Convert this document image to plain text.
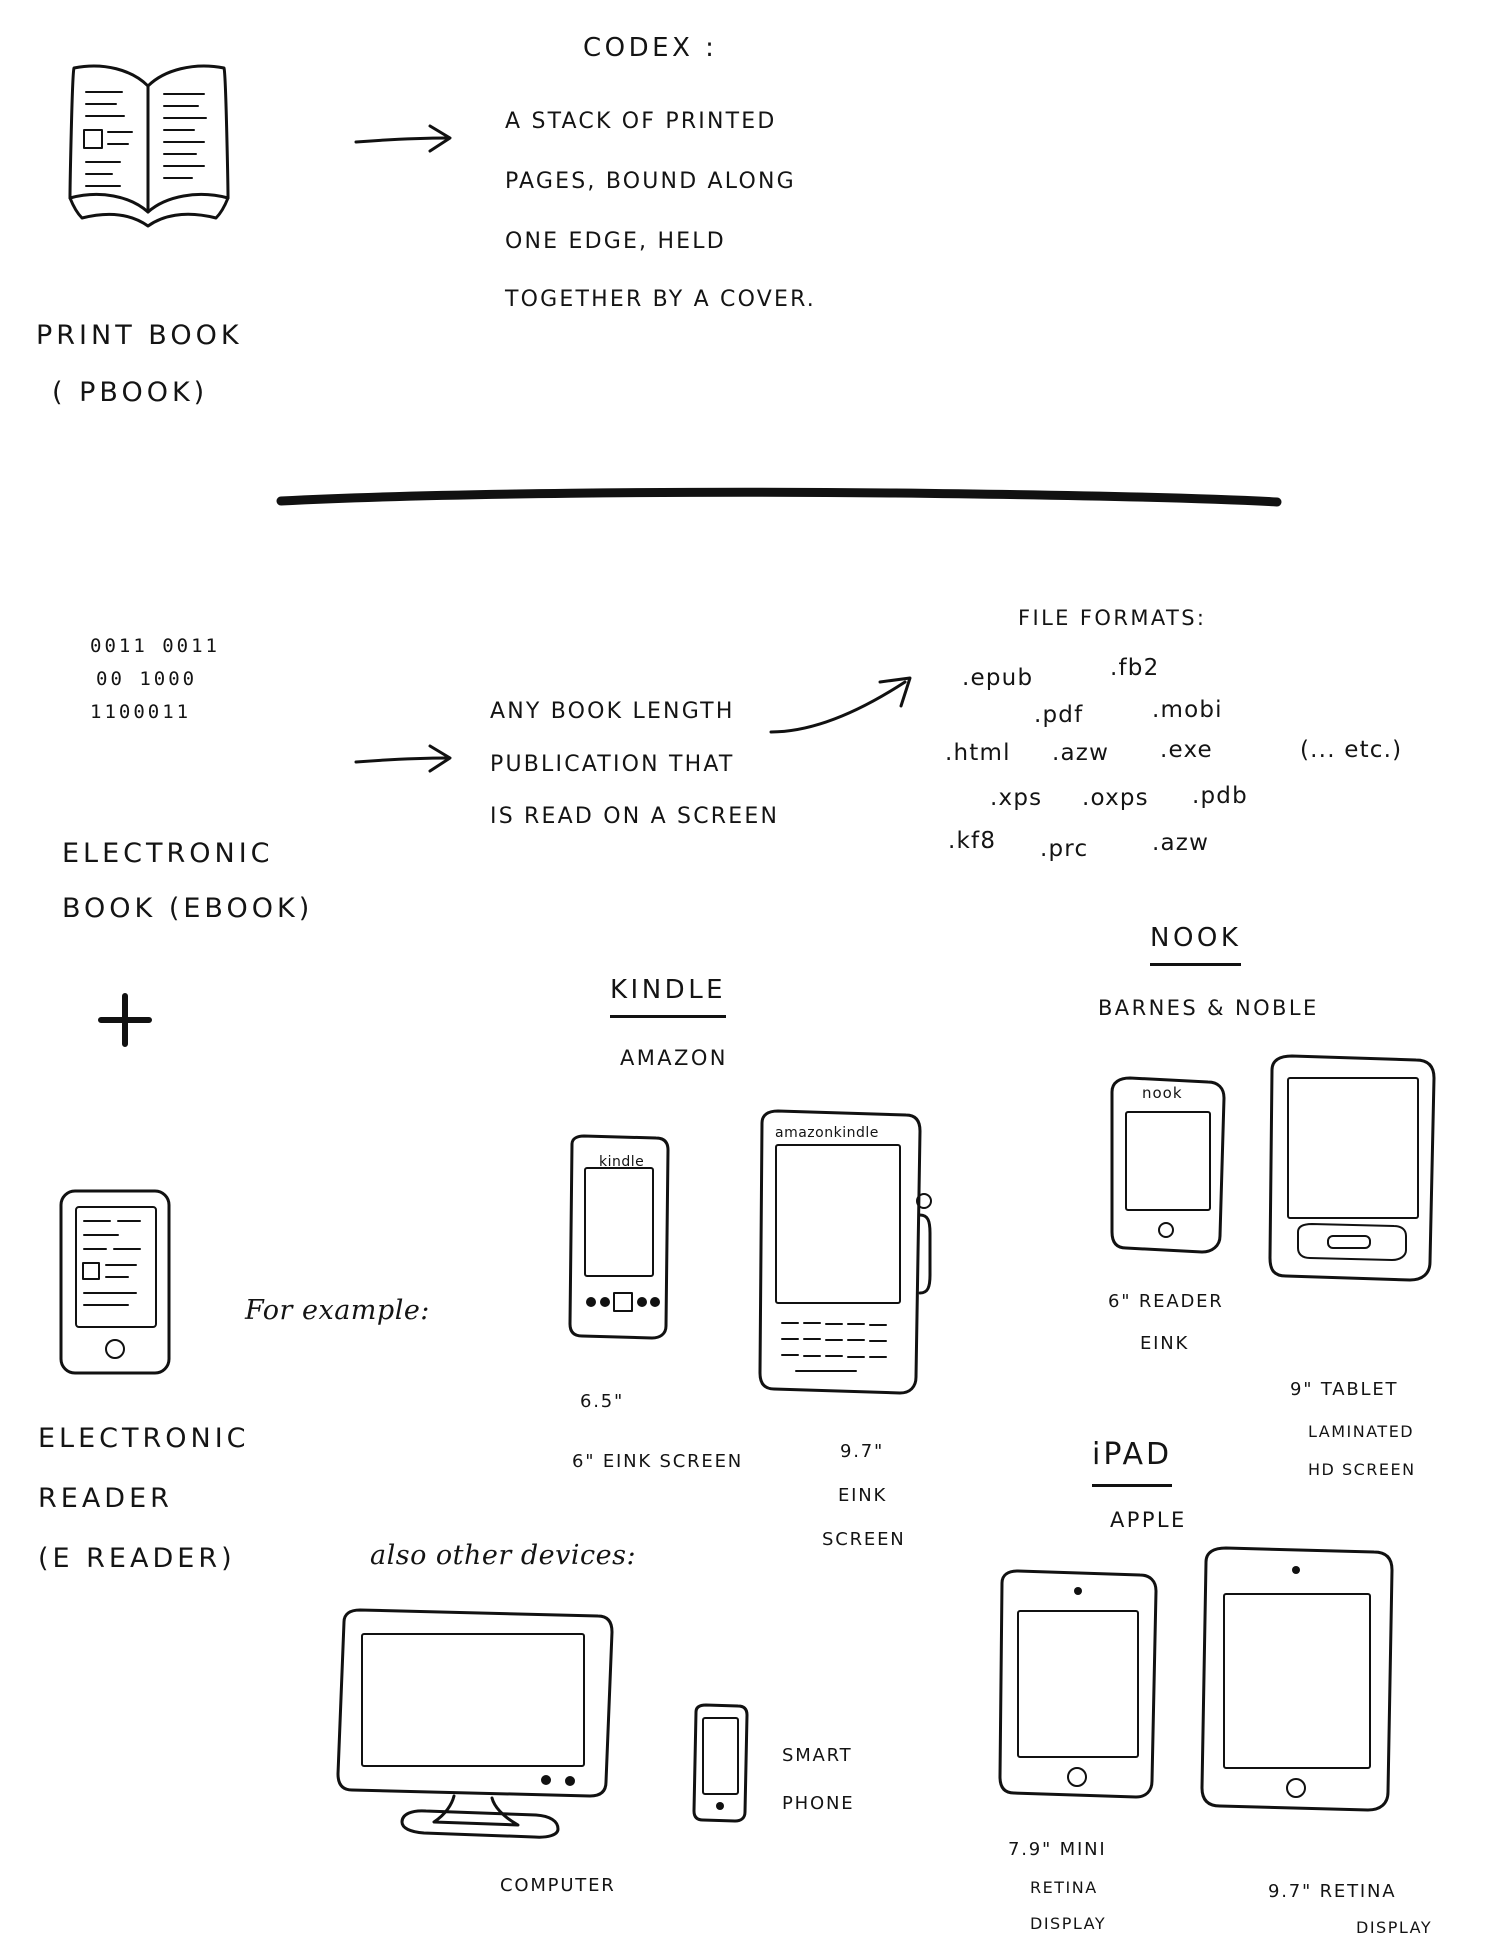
PRINT BOOK
( PBOOK)
CODEX :
A STACK OF PRINTED
PAGES, BOUND ALONG
ONE EDGE, HELD
TOGETHER BY A COVER.
0011 0011
00 1000
1100011
ELECTRONIC
BOOK (EBOOK)
ANY BOOK LENGTH
PUBLICATION THAT
IS READ ON A SCREEN
FILE FORMATS:
.epub	.fb2
.pdf	.mobi
.html .azw .exe	(... etc.)
.xps .oxps .pdb
.kf8 .prc	.azw
ELECTRONIC
READER
(E READER)
For example:
also other devices:
KINDLE
AMAZON
kindle
6.5"
6" EINK SCREEN
amazonkindle
9.7"
EINK
SCREEN
NOOK
BARNES & NOBLE
nook
6" READER
EINK
9" TABLET
LAMINATED
HD SCREEN
iPAD
APPLE
7.9" MINI
RETINA
DISPLAY
9.7" RETINA
DISPLAY
COMPUTER
SMART
PHONE
